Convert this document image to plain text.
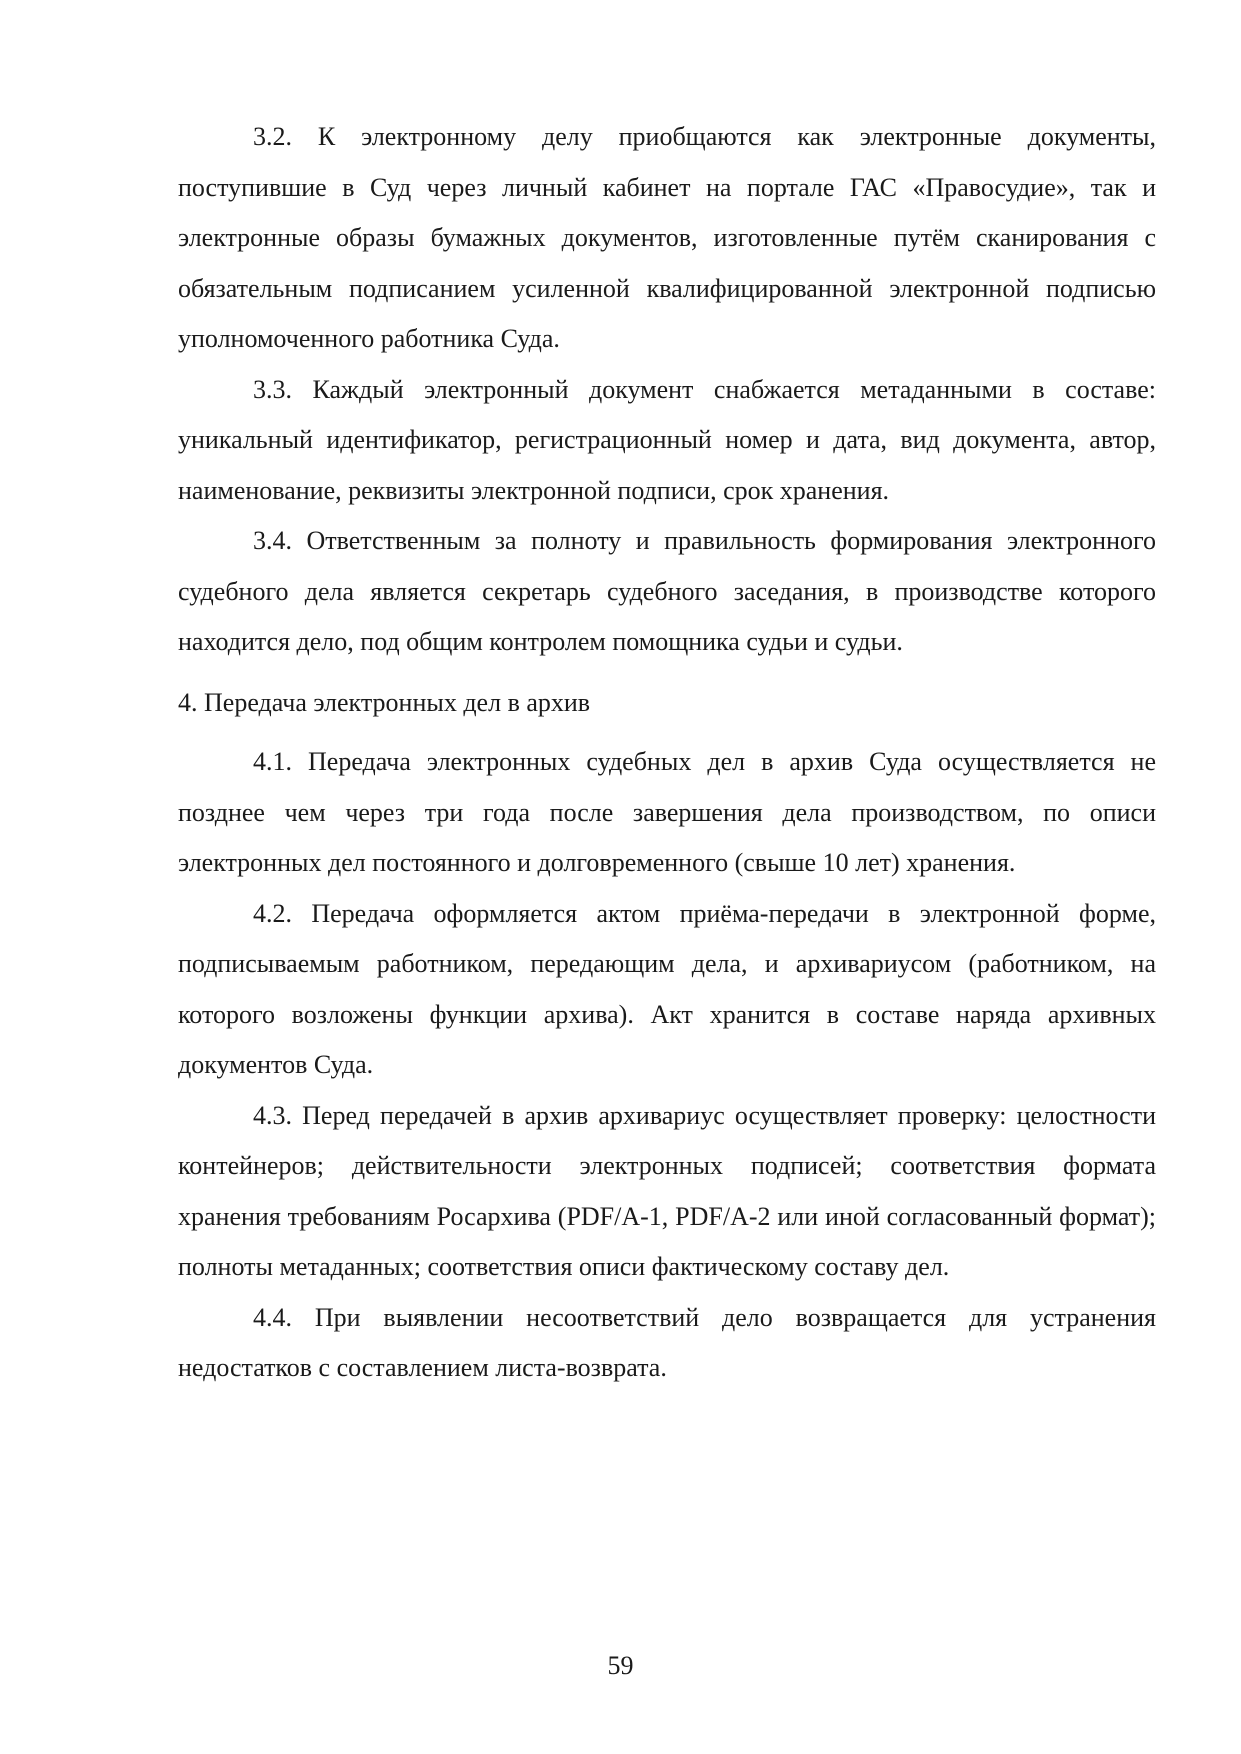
3.2. К электронному делу приобщаются как электронные документы, поступившие в Суд через личный кабинет на портале ГАС «Правосудие», так и электронные образы бумажных документов, изготовленные путём сканирования с обязательным подписанием усиленной квалифицированной электронной подписью уполномоченного работника Суда.

3.3. Каждый электронный документ снабжается метаданными в составе: уникальный идентификатор, регистрационный номер и дата, вид документа, автор, наименование, реквизиты электронной подписи, срок хранения.

3.4. Ответственным за полноту и правильность формирования электронного судебного дела является секретарь судебного заседания, в производстве которого находится дело, под общим контролем помощника судьи и судьи.

4. Передача электронных дел в архив

4.1. Передача электронных судебных дел в архив Суда осуществляется не позднее чем через три года после завершения дела производством, по описи электронных дел постоянного и долговременного (свыше 10 лет) хранения.

4.2. Передача оформляется актом приёма-передачи в электронной форме, подписываемым работником, передающим дела, и архивариусом (работником, на которого возложены функции архива). Акт хранится в составе наряда архивных документов Суда.

4.3. Перед передачей в архив архивариус осуществляет проверку: целостности контейнеров; действительности электронных подписей; соответствия формата хранения требованиям Росархива (PDF/A-1, PDF/A-2 или иной согласованный формат); полноты метаданных; соответствия описи фактическому составу дел.

4.4. При выявлении несоответствий дело возвращается для устранения недостатков с составлением листа-возврата.

59
